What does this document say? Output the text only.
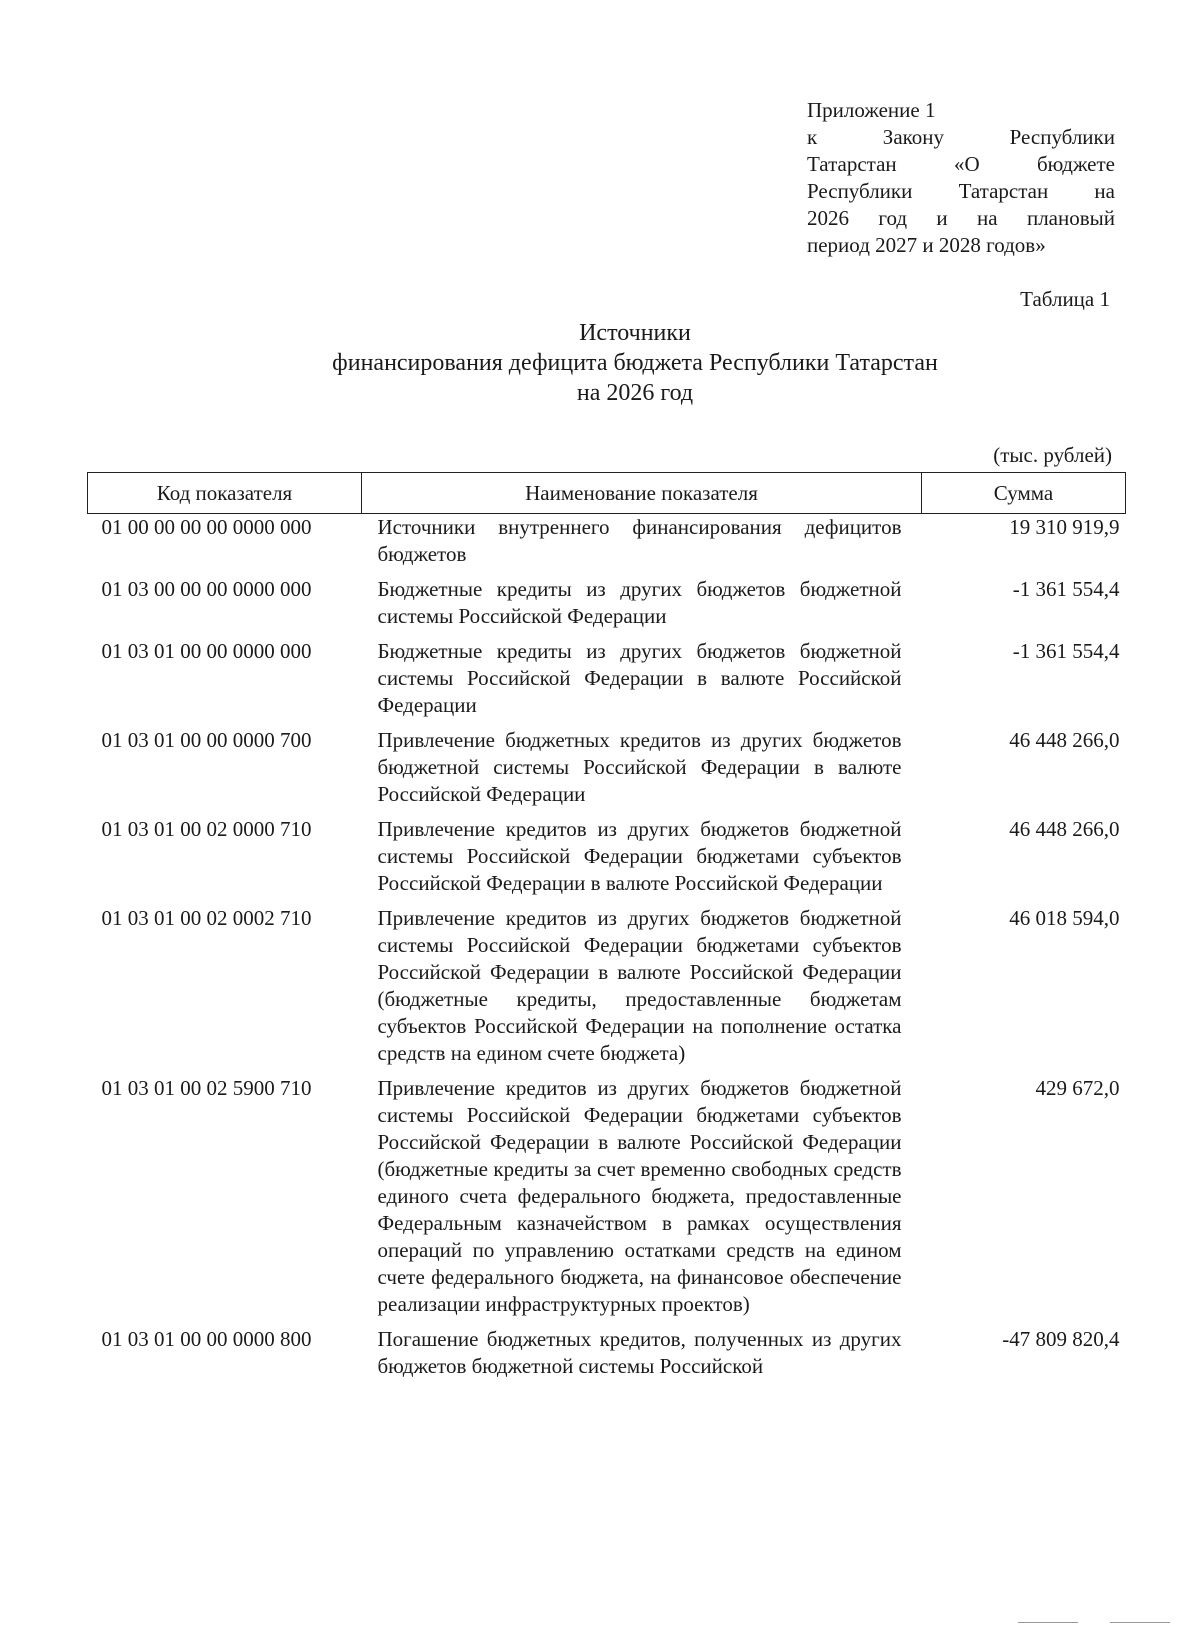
Приложение 1
к Закону Республики
Татарстан «О бюджете
Республики Татарстан на
2026 год и на плановый
период 2027 и 2028 годов»
Таблица 1
Источники
финансирования дефицита бюджета Республики Татарстан
на 2026 год
(тыс. рублей)
Код показателя	Наименование показателя	Сумма
01 00 00 00 00 0000 000	Источники внутреннего финансирования дефицитов бюджетов	19 310 919,9
01 03 00 00 00 0000 000	Бюджетные кредиты из других бюджетов бюджетной системы Российской Федерации	-1 361 554,4
01 03 01 00 00 0000 000	Бюджетные кредиты из других бюджетов бюджетной системы Российской Федерации в валюте Российской Федерации	-1 361 554,4
01 03 01 00 00 0000 700	Привлечение бюджетных кредитов из других бюджетов бюджетной системы Российской Федерации в валюте Российской Федерации	46 448 266,0
01 03 01 00 02 0000 710	Привлечение кредитов из других бюджетов бюджетной системы Российской Федерации бюджетами субъектов Российской Федерации в валюте Российской Федерации	46 448 266,0
01 03 01 00 02 0002 710	Привлечение кредитов из других бюджетов бюджетной системы Российской Федерации бюджетами субъектов Российской Федерации в валюте Российской Федерации (бюджетные кредиты, предоставленные бюджетам субъектов Российской Федерации на пополнение остатка средств на едином счете бюджета)	46 018 594,0
01 03 01 00 02 5900 710	Привлечение кредитов из других бюджетов бюджетной системы Российской Федерации бюджетами субъектов Российской Федерации в валюте Российской Федерации (бюджетные кредиты за счет временно свободных средств единого счета федерального бюджета, предоставленные Федеральным казначейством в рамках осуществления операций по управлению остатками средств на едином счете федерального бюджета, на финансовое обеспечение реализации инфраструктурных проектов)	429 672,0
01 03 01 00 00 0000 800	Погашение бюджетных кредитов, полученных из других бюджетов бюджетной системы Российской	-47 809 820,4
